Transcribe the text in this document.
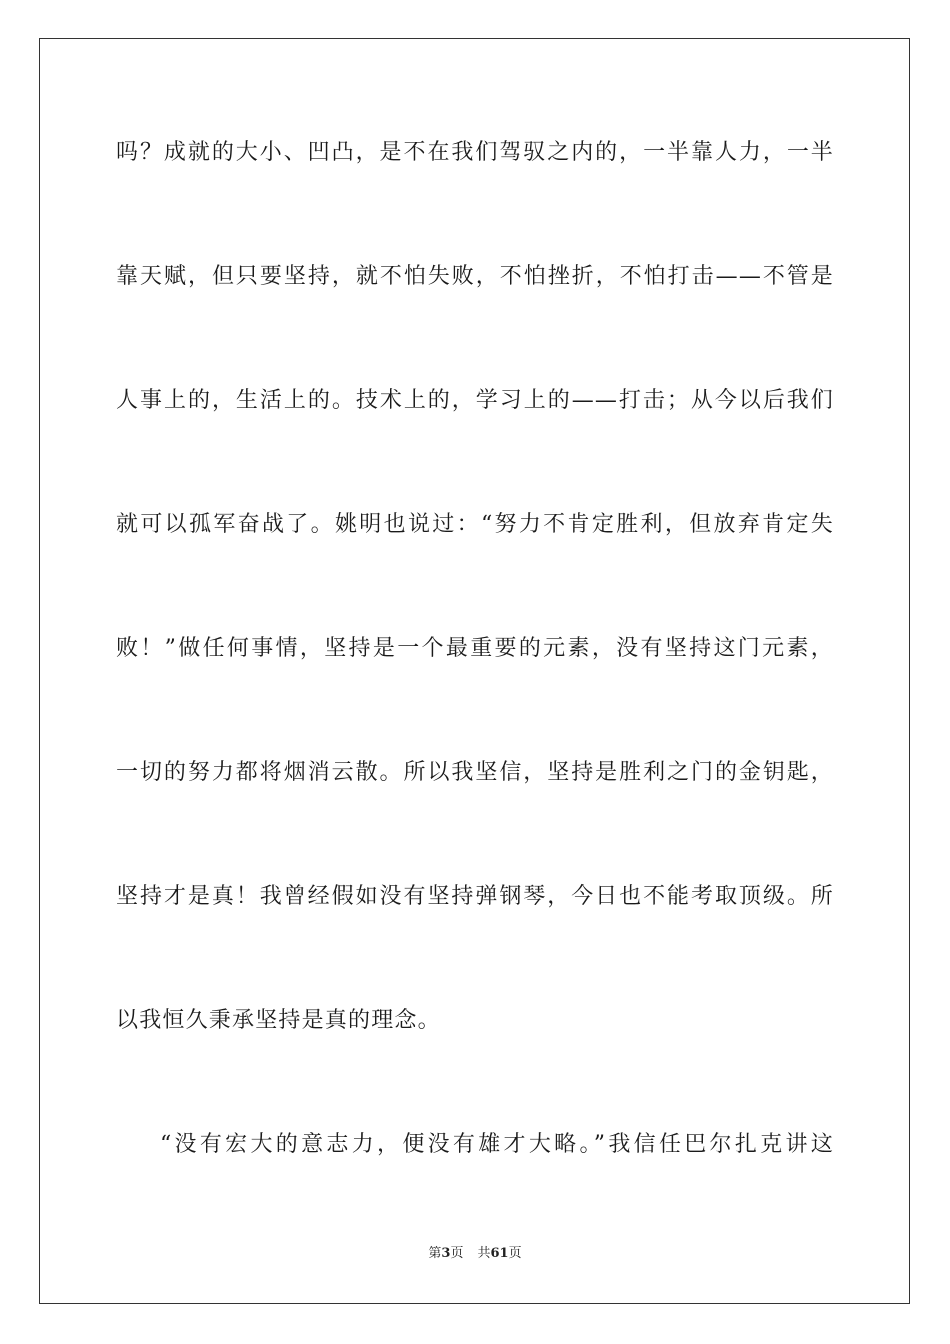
吗？成就的大小、凹凸，是不在我们驾驭之内的，一半靠人力，一半
靠天赋，但只要坚持，就不怕失败，不怕挫折，不怕打击——不管是
人事上的，生活上的。技术上的，学习上的——打击；从今以后我们
就可以孤军奋战了。姚明也说过：“努力不肯定胜利，但放弃肯定失
败！”做任何事情，坚持是一个最重要的元素，没有坚持这门元素，
一切的努力都将烟消云散。所以我坚信，坚持是胜利之门的金钥匙，
坚持才是真！我曾经假如没有坚持弹钢琴，今日也不能考取顶级。所
以我恒久秉承坚持是真的理念。
“没有宏大的意志力，便没有雄才大略。”我信任巴尔扎克讲这
第3页 共61页
